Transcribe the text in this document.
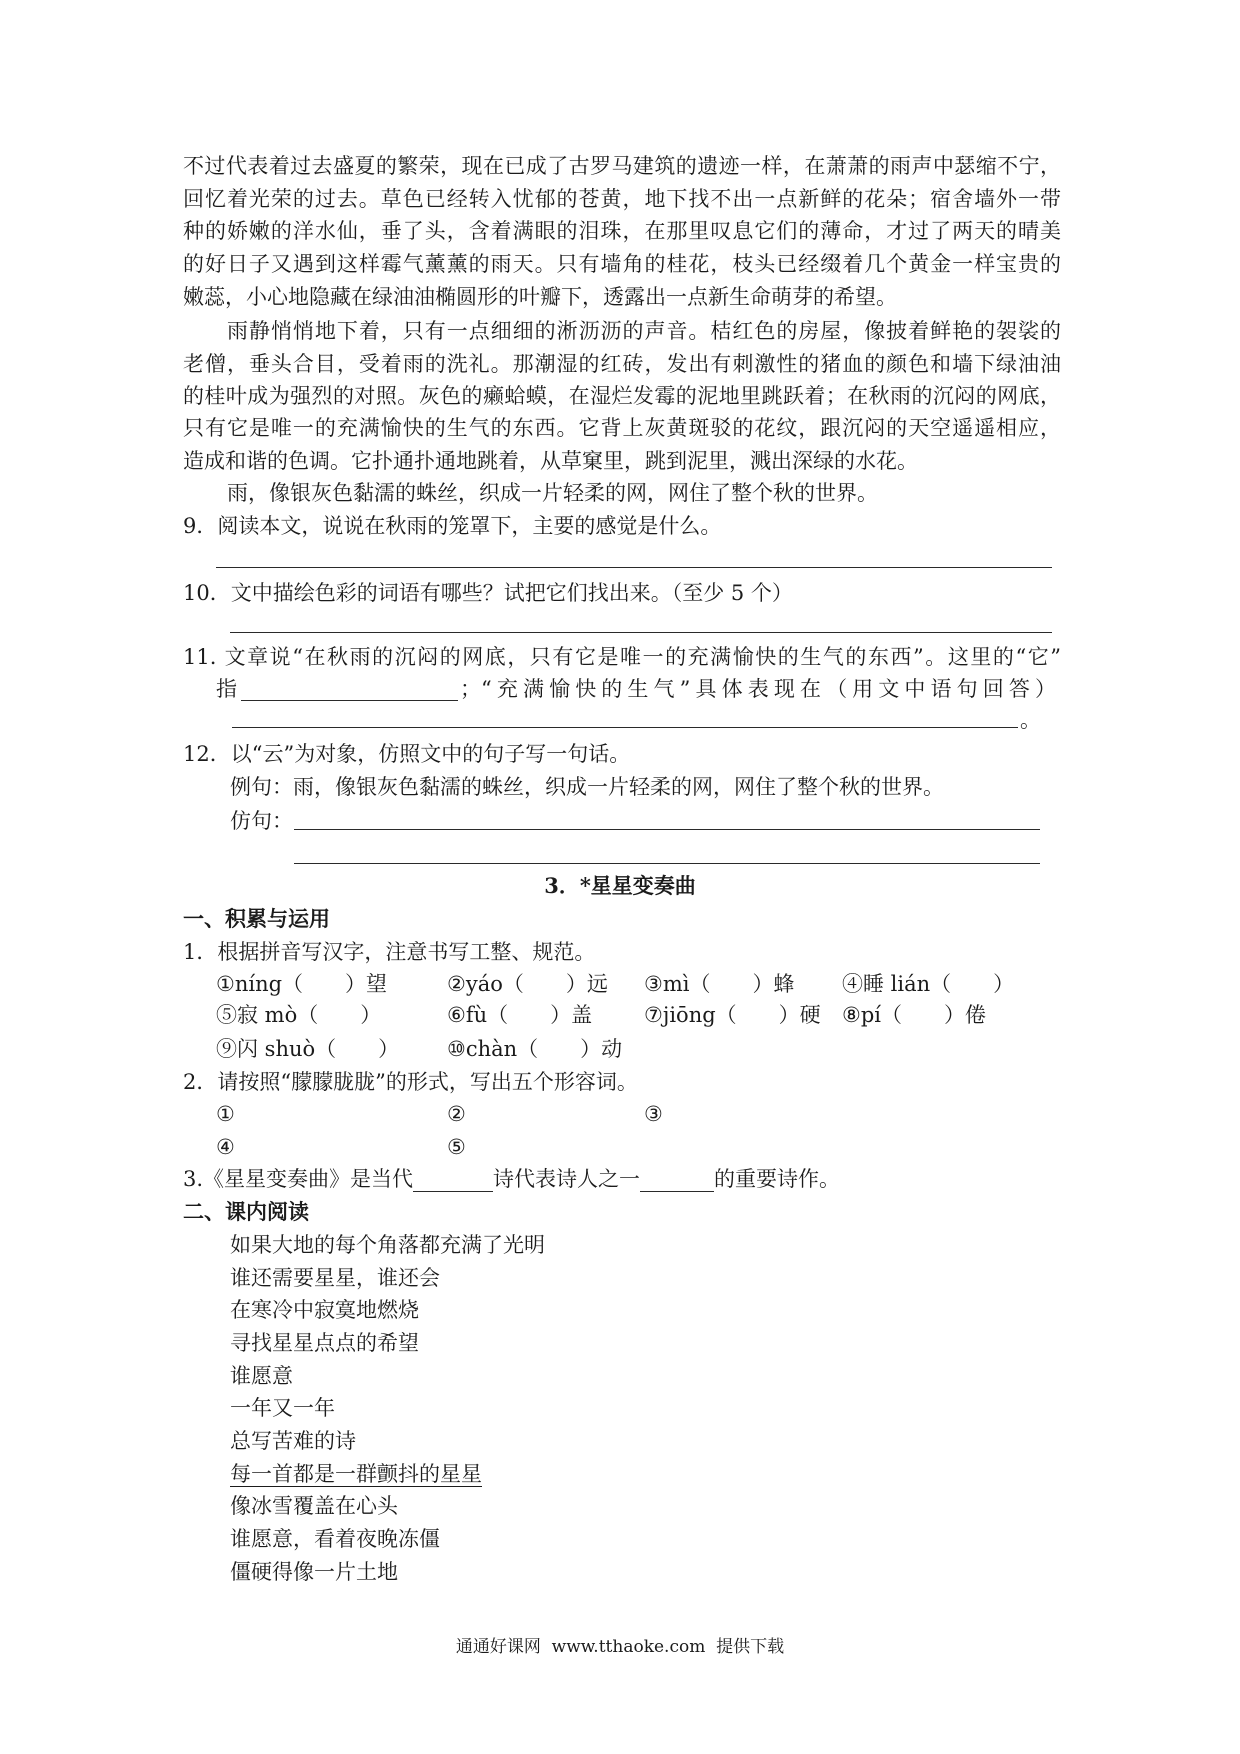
不过代表着过去盛夏的繁荣，现在已成了古罗马建筑的遗迹一样，在萧萧的雨声中瑟缩不宁，
回忆着光荣的过去。草色已经转入忧郁的苍黄，地下找不出一点新鲜的花朵；宿舍墙外一带
种的娇嫩的洋水仙，垂了头，含着满眼的泪珠，在那里叹息它们的薄命，才过了两天的晴美
的好日子又遇到这样霉气薰薰的雨天。只有墙角的桂花，枝头已经缀着几个黄金一样宝贵的
嫩蕊，小心地隐藏在绿油油椭圆形的叶瓣下，透露出一点新生命萌芽的希望。
雨静悄悄地下着，只有一点细细的淅沥沥的声音。桔红色的房屋，像披着鲜艳的袈裟的
老僧，垂头合目，受着雨的洗礼。那潮湿的红砖，发出有刺激性的猪血的颜色和墙下绿油油
的桂叶成为强烈的对照。灰色的癞蛤蟆，在湿烂发霉的泥地里跳跃着；在秋雨的沉闷的网底，
只有它是唯一的充满愉快的生气的东西。它背上灰黄斑驳的花纹，跟沉闷的天空遥遥相应，
造成和谐的色调。它扑通扑通地跳着，从草窠里，跳到泥里，溅出深绿的水花。
雨，像银灰色黏濡的蛛丝，织成一片轻柔的网，网住了整个秋的世界。
9．阅读本文，说说在秋雨的笼罩下，主要的感觉是什么。
10．文中描绘色彩的词语有哪些？试把它们找出来。（至少 5 个）
11. 文章说“在秋雨的沉闷的网底，只有它是唯一的充满愉快的生气的东西”。这里的“它”
指	；“充满愉快的生气”具体表现在（用文中语句回答）
。
12．以“云”为对象，仿照文中的句子写一句话。
例句：雨，像银灰色黏濡的蛛丝，织成一片轻柔的网，网住了整个秋的世界。
仿句：
3．*星星变奏曲
一、积累与运用
1．根据拼音写汉字，注意书写工整、规范。
①níng（　　）望	②yáo（　　）远 ③mì（　　）蜂 ④睡 lián（　　）
⑤寂 mò（　　）	⑥fù（　　）盖 ⑦jiōng（　　）硬 ⑧pí（　　）倦
⑨闪 shuò（　　） ⑩chàn（　　）动
2．请按照“朦朦胧胧”的形式，写出五个形容词。
①	②	③
④	⑤
3.《星星变奏曲》是当代	诗代表诗人之一	的重要诗作。
二、课内阅读
如果大地的每个角落都充满了光明
谁还需要星星，谁还会
在寒冷中寂寞地燃烧
寻找星星点点的希望
谁愿意
一年又一年
总写苦难的诗
每一首都是一群颤抖的星星
像冰雪覆盖在心头
谁愿意，看着夜晚冻僵
僵硬得像一片土地
通通好课网  www.tthaoke.com  提供下载
